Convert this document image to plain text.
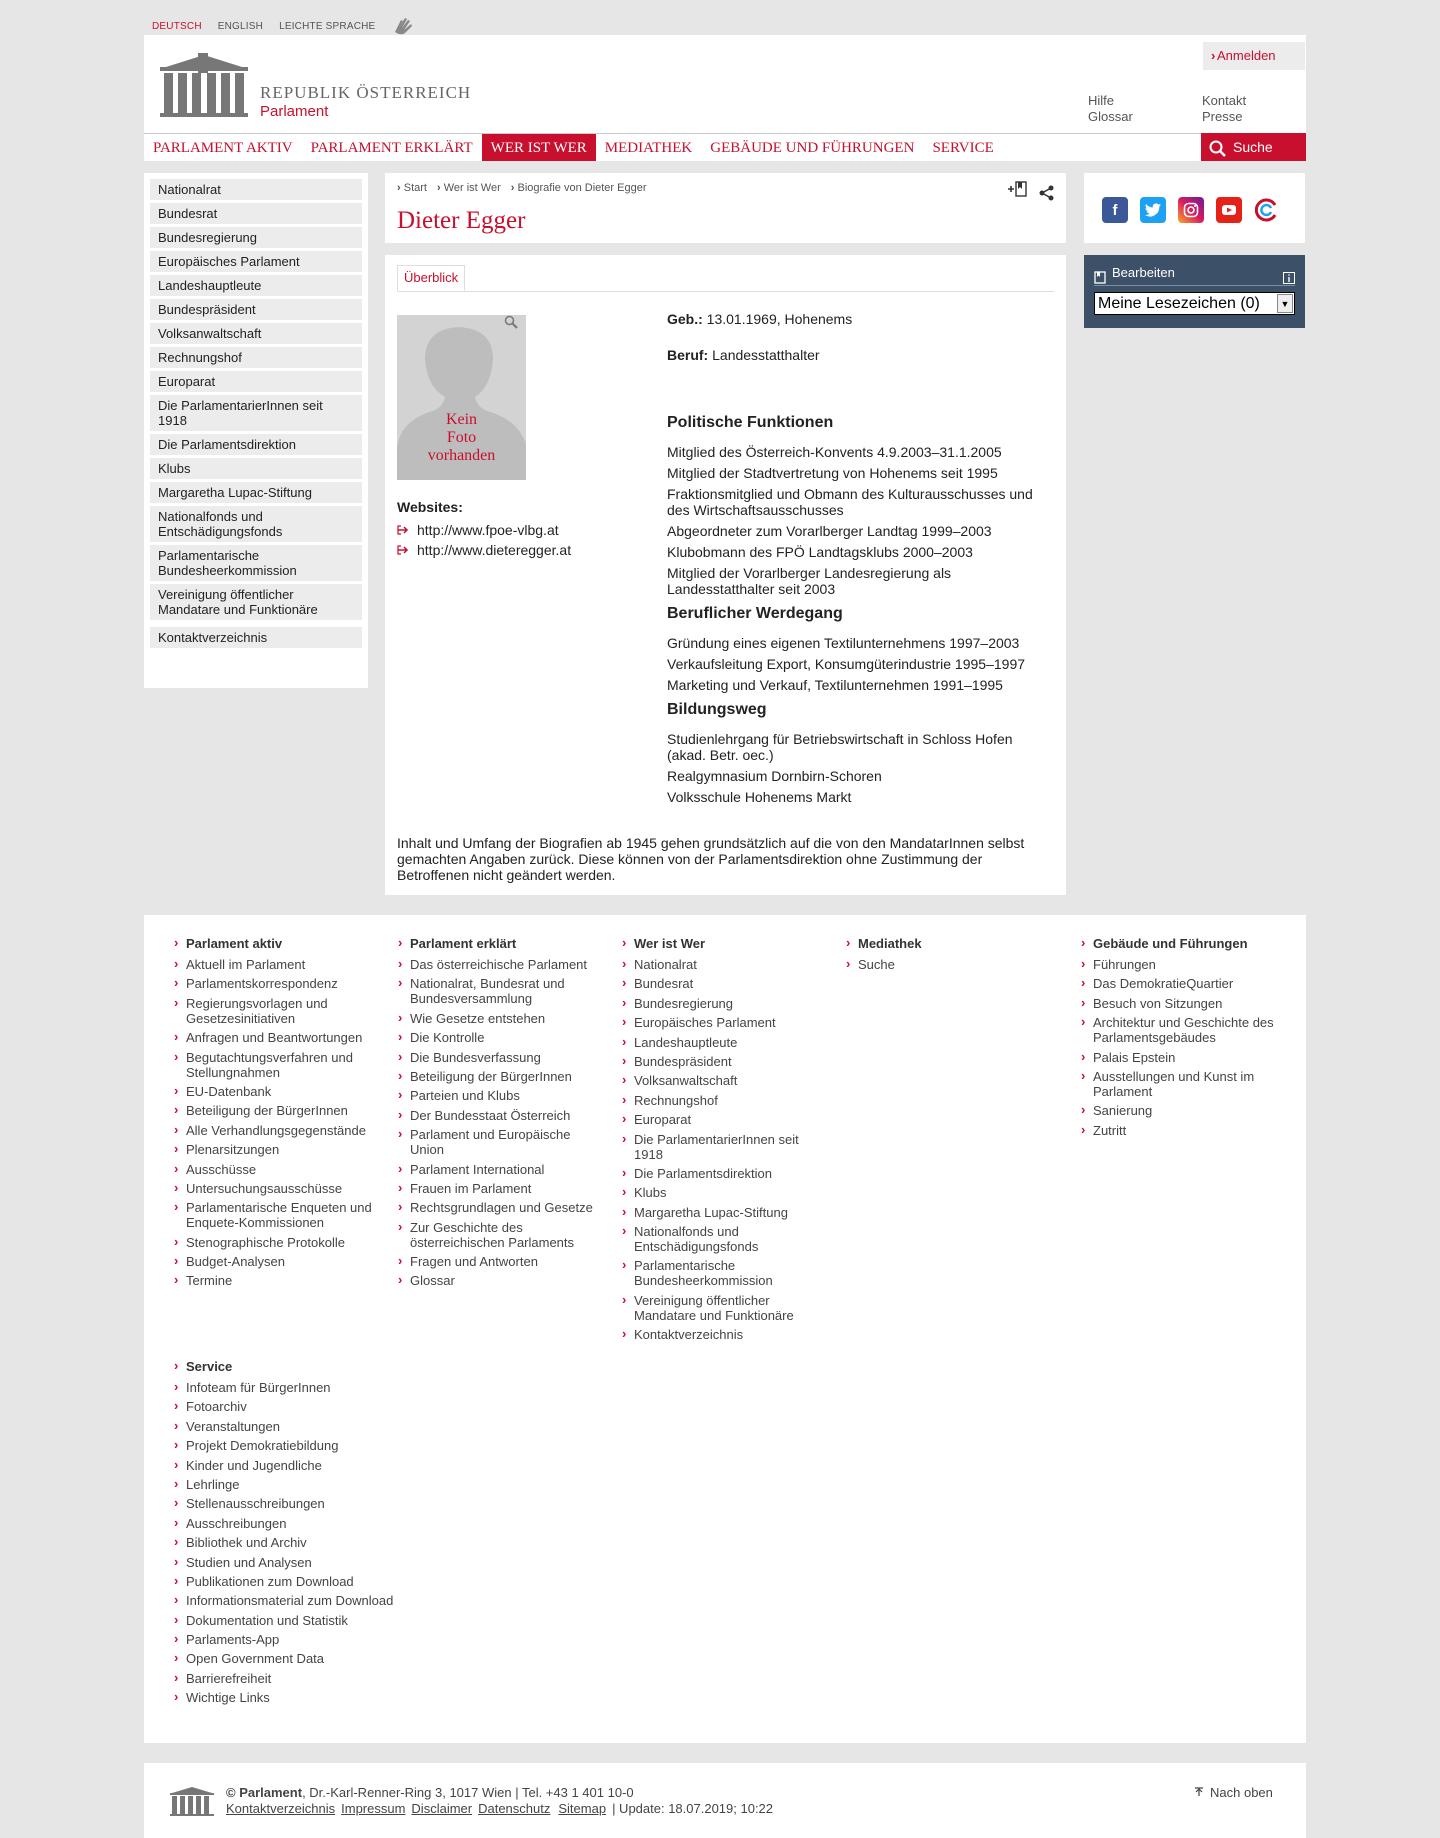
DEUTSCH ENGLISH LEICHTE SPRACHE
REPUBLIK ÖSTERREICH
Parlament
› Anmelden
Hilfe
Glossar
Kontakt
Presse
PARLAMENT AKTIV	PARLAMENT ERKLÄRT	WER IST WER	MEDIATHEK	GEBÄUDE UND FÜHRUNGEN	SERVICE	Suche
Nationalrat
Bundesrat
Bundesregierung
Europäisches Parlament
Landeshauptleute
Bundespräsident
Volksanwaltschaft
Rechnungshof
Europarat
Die ParlamentarierInnen seit 1918
Die Parlamentsdirektion
Klubs
Margaretha Lupac-Stiftung
Nationalfonds und Entschädigungsfonds
Parlamentarische Bundesheerkommission
Vereinigung öffentlicher Mandatare und Funktionäre
Kontaktverzeichnis
› Start › Wer ist Wer › Biografie von Dieter Egger
Dieter Egger
Überblick
Kein
Foto
vorhanden
Websites:
http://www.fpoe-vlbg.at
http://www.dieteregger.at
Geb.: 13.01.1969, Hohenems
Beruf: Landesstatthalter
Politische Funktionen
Mitglied des Österreich-Konvents 4.9.2003–31.1.2005
Mitglied der Stadtvertretung von Hohenems seit 1995
Fraktionsmitglied und Obmann des Kulturausschusses und des Wirtschaftsausschusses
Abgeordneter zum Vorarlberger Landtag 1999–2003
Klubobmann des FPÖ Landtagsklubs 2000–2003
Mitglied der Vorarlberger Landesregierung als Landesstatthalter seit 2003
Beruflicher Werdegang
Gründung eines eigenen Textilunternehmens 1997–2003
Verkaufsleitung Export, Konsumgüterindustrie 1995–1997
Marketing und Verkauf, Textilunternehmen 1991–1995
Bildungsweg
Studienlehrgang für Betriebswirtschaft in Schloss Hofen (akad. Betr. oec.)
Realgymnasium Dornbirn-Schoren
Volksschule Hohenems Markt
Inhalt und Umfang der Biografien ab 1945 gehen grundsätzlich auf die von den MandatarInnen selbst gemachten Angaben zurück. Diese können von der Parlamentsdirektion ohne Zustimmung der Betroffenen nicht geändert werden.
f
Bearbeiten
Meine Lesezeichen (0)	▼
› Parlament aktiv
› Aktuell im Parlament
› Parlamentskorrespondenz
› Regierungsvorlagen und Gesetzesinitiativen
› Anfragen und Beantwortungen
› Begutachtungsverfahren und Stellungnahmen
› EU-Datenbank
› Beteiligung der BürgerInnen
› Alle Verhandlungsgegenstände
› Plenarsitzungen
› Ausschüsse
› Untersuchungsausschüsse
› Parlamentarische Enqueten und Enquete-Kommissionen
› Stenographische Protokolle
› Budget-Analysen
› Termine
› Parlament erklärt
› Das österreichische Parlament
› Nationalrat, Bundesrat und Bundesversammlung
› Wie Gesetze entstehen
› Die Kontrolle
› Die Bundesverfassung
› Beteiligung der BürgerInnen
› Parteien und Klubs
› Der Bundesstaat Österreich
› Parlament und Europäische Union
› Parlament International
› Frauen im Parlament
› Rechtsgrundlagen und Gesetze
› Zur Geschichte des österreichischen Parlaments
› Fragen und Antworten
› Glossar
› Wer ist Wer
› Nationalrat
› Bundesrat
› Bundesregierung
› Europäisches Parlament
› Landeshauptleute
› Bundespräsident
› Volksanwaltschaft
› Rechnungshof
› Europarat
› Die ParlamentarierInnen seit 1918
› Die Parlamentsdirektion
› Klubs
› Margaretha Lupac-Stiftung
› Nationalfonds und Entschädigungsfonds
› Parlamentarische Bundesheerkommission
› Vereinigung öffentlicher Mandatare und Funktionäre
› Kontaktverzeichnis
› Mediathek
› Suche
› Gebäude und Führungen
› Führungen
› Das DemokratieQuartier
› Besuch von Sitzungen
› Architektur und Geschichte des Parlamentsgebäudes
› Palais Epstein
› Ausstellungen und Kunst im Parlament
› Sanierung
› Zutritt
› Service
› Infoteam für BürgerInnen
› Fotoarchiv
› Veranstaltungen
› Projekt Demokratiebildung
› Kinder und Jugendliche
› Lehrlinge
› Stellenausschreibungen
› Ausschreibungen
› Bibliothek und Archiv
› Studien und Analysen
› Publikationen zum Download
› Informationsmaterial zum Download
› Dokumentation und Statistik
› Parlaments-App
› Open Government Data
› Barrierefreiheit
› Wichtige Links
© Parlament, Dr.-Karl-Renner-Ring 3, 1017 Wien | Tel. +43 1 401 10-0
Kontaktverzeichnis Impressum Disclaimer Datenschutz Sitemap | Update: 18.07.2019; 10:22
Nach oben
